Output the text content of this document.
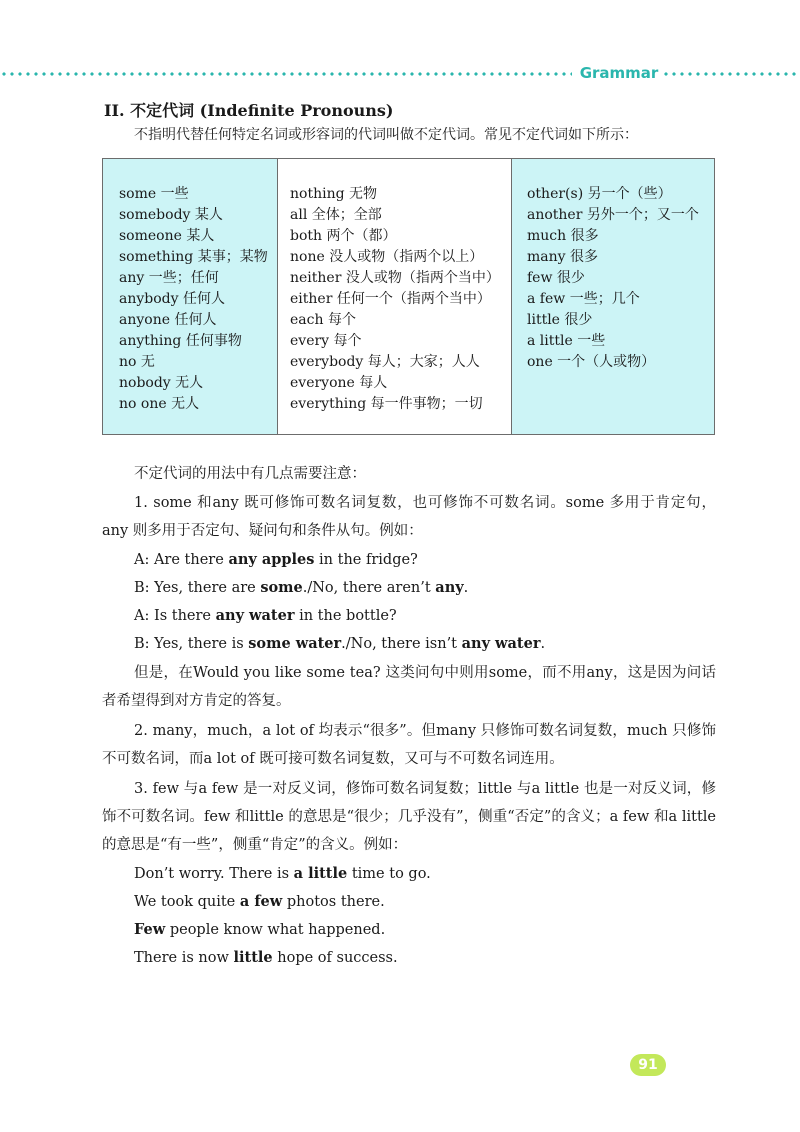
Grammar
II. 不定代词 (Indefinite Pronouns)
不指明代替任何特定名词或形容词的代词叫做不定代词。常见不定代词如下所示：
some 一些
somebody 某人
someone 某人
something 某事；某物
any 一些；任何
anybody 任何人
anyone 任何人
anything 任何事物
no 无
nobody 无人
no one 无人
nothing 无物
all 全体；全部
both 两个（都）
none 没人或物（指两个以上）
neither 没人或物（指两个当中）
either 任何一个（指两个当中）
each 每个
every 每个
everybody 每人；大家；人人
everyone 每人
everything 每一件事物；一切
other(s) 另一个（些）
another 另外一个；又一个
much 很多
many 很多
few 很少
a few 一些；几个
little 很少
a little 一些
one 一个（人或物）

不定代词的用法中有几点需要注意：

1. some 和any 既可修饰可数名词复数，也可修饰不可数名词。some 多用于肯定句，any 则多用于否定句、疑问句和条件从句。例如：

A: Are there any apples in the fridge?

B: Yes, there are some./No, there aren’t any.

A: Is there any water in the bottle?

B: Yes, there is some water./No, there isn’t any water.

但是，在Would you like some tea? 这类问句中则用some，而不用any，这是因为问话者希望得到对方肯定的答复。

2. many，much，a lot of 均表示“很多”。但many 只修饰可数名词复数，much 只修饰不可数名词，而a lot of 既可接可数名词复数，又可与不可数名词连用。

3. few 与a few 是一对反义词，修饰可数名词复数；little 与a little 也是一对反义词，修饰不可数名词。few 和little 的意思是“很少；几乎没有”，侧重“否定”的含义；a few 和a little 的意思是“有一些”，侧重“肯定”的含义。例如：

Don’t worry. There is a little time to go.

We took quite a few photos there.

Few people know what happened.

There is now little hope of success.

91
